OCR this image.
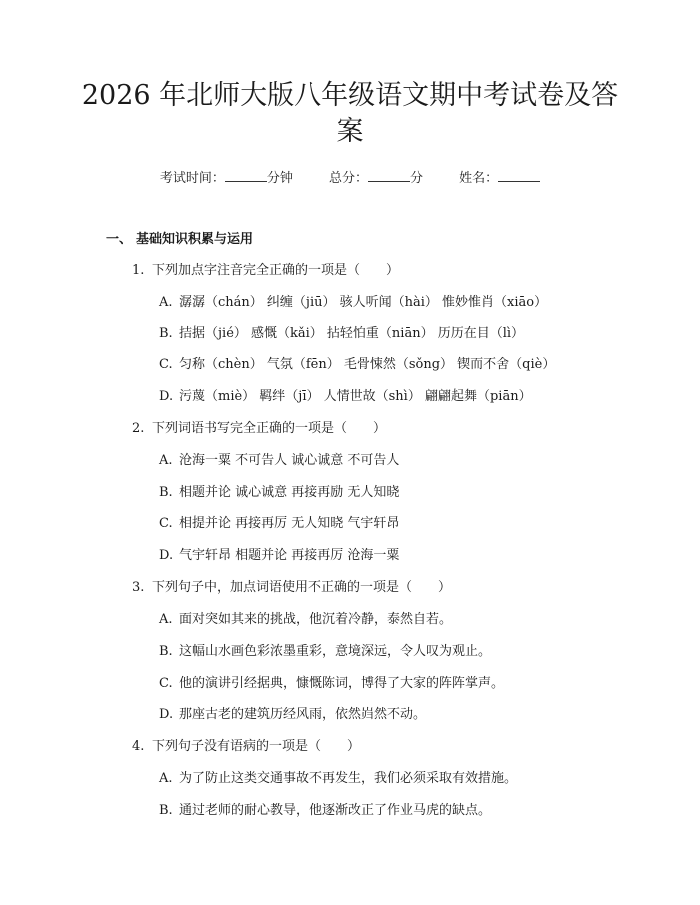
2026 年北师大版八年级语文期中考试卷及答
案
考试时间：	分钟	总分：	分	姓名：
一、 基础知识积累与运用
1. 下列加点字注音完全正确的一项是（　　）
A. 潺潺（chán） 纠缠（jiū） 骇人听闻（hài） 惟妙惟肖（xiāo）
B. 拮据（jié） 感慨（kǎi） 拈轻怕重（niān） 历历在目（lì）
C. 匀称（chèn） 气氛（fēn） 毛骨悚然（sǒng） 锲而不舍（qiè）
D. 污蔑（miè） 羁绊（jī） 人情世故（shì） 翩翩起舞（piān）
2. 下列词语书写完全正确的一项是（　　）
A. 沧海一粟 不可告人 诚心诚意 不可告人
B. 相题并论 诚心诚意 再接再励 无人知晓
C. 相提并论 再接再厉 无人知晓 气宇轩昂
D. 气宇轩昂 相题并论 再接再厉 沧海一粟
3. 下列句子中，加点词语使用不正确的一项是（　　）
A. 面对突如其来的挑战，他沉着冷静，泰然自若。
B. 这幅山水画色彩浓墨重彩，意境深远，令人叹为观止。
C. 他的演讲引经据典，慷慨陈词，博得了大家的阵阵掌声。
D. 那座古老的建筑历经风雨，依然岿然不动。
4. 下列句子没有语病的一项是（　　）
A. 为了防止这类交通事故不再发生，我们必须采取有效措施。
B. 通过老师的耐心教导，他逐渐改正了作业马虎的缺点。
